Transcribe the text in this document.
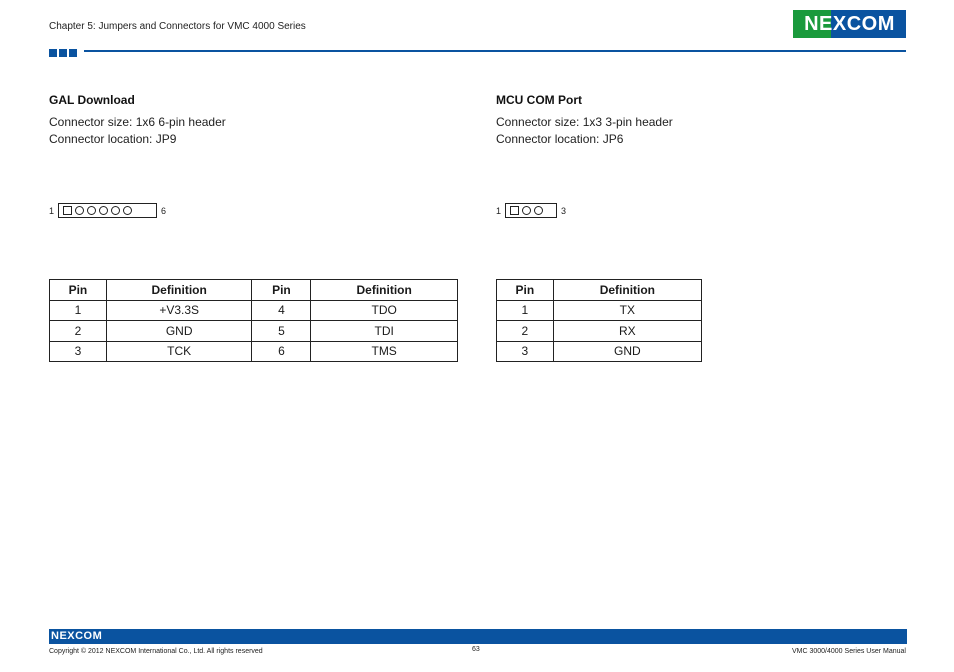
Chapter 5: Jumpers and Connectors for VMC 4000 Series	NEXCOM
GAL Download
Connector size: 1x6 6-pin header
Connector location: JP9
1	6
Pin	Definition	Pin	Definition
1	+V3.3S	4	TDO
2	GND	5	TDI
3	TCK	6	TMS
MCU COM Port
Connector size: 1x3 3-pin header
Connector location: JP6
1	3
Pin	Definition
1	TX
2	RX
3	GND
NEXCOM
Copyright © 2012 NEXCOM International Co., Ltd. All rights reserved	63	VMC 3000/4000 Series User Manual
